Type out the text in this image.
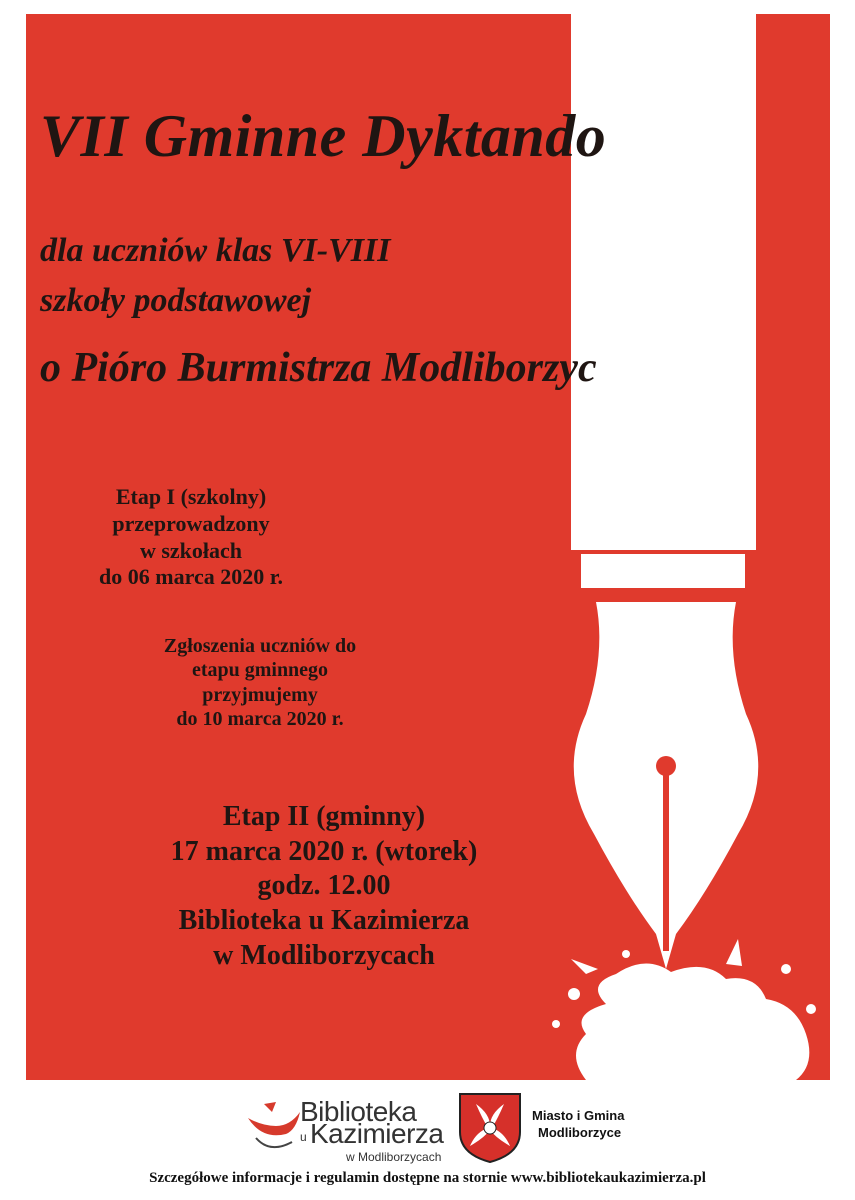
VII Gminne Dyktando
dla uczniów klas VI-VIII
szkoły podstawowej
o Pióro Burmistrza Modliborzyc
Etap I (szkolny)
przeprowadzony
w szkołach
do 06 marca 2020 r.
Zgłoszenia uczniów do
etapu gminnego
przyjmujemy
do 10 marca 2020 r.
Etap II (gminny)
17 marca 2020 r. (wtorek)
godz. 12.00
Biblioteka u Kazimierza
w Modliborzycach
Biblioteka
u Kazimierza
w Modliborzycach
Miasto i Gmina
Modliborzyce
Szczegółowe informacje i regulamin dostępne na stornie www.bibliotekaukazimierza.pl
